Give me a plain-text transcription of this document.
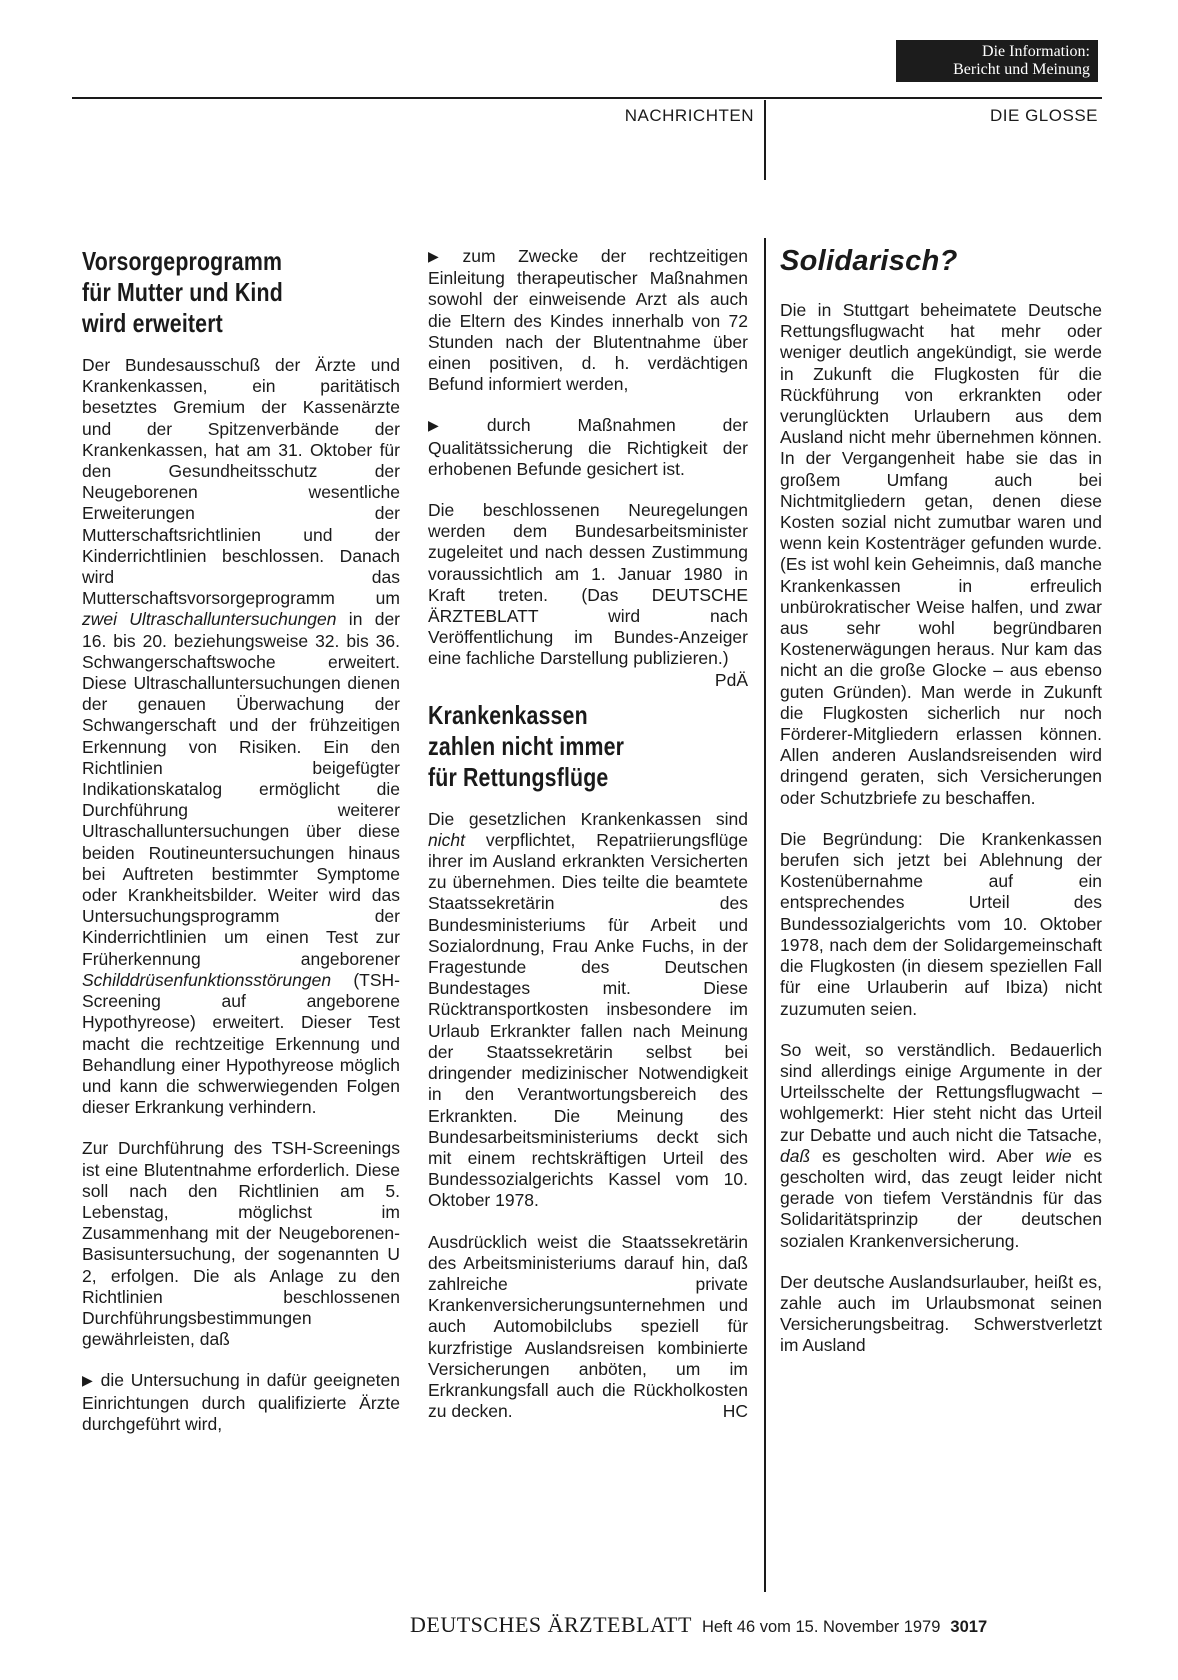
Die Information:
Bericht und Meinung
NACHRICHTEN	DIE GLOSSE
Vorsorgeprogramm
für Mutter und Kind
wird erweitert

Der Bundesausschuß der Ärzte und Krankenkassen, ein paritätisch besetztes Gremium der Kassenärzte und der Spitzenverbände der Krankenkassen, hat am 31. Oktober für den Gesundheitsschutz der Neugeborenen wesentliche Erweiterungen der Mutterschaftsrichtlinien und der Kinderrichtlinien beschlossen. Danach wird das Mutterschaftsvorsorgeprogramm um zwei Ultraschalluntersuchungen in der 16. bis 20. beziehungsweise 32. bis 36. Schwangerschaftswoche erweitert. Diese Ultraschalluntersuchungen dienen der genauen Überwachung der Schwangerschaft und der frühzeitigen Erkennung von Risiken. Ein den Richtlinien beigefügter Indikationskatalog ermöglicht die Durchführung weiterer Ultraschalluntersuchungen über diese beiden Routineuntersuchungen hinaus bei Auftreten bestimmter Symptome oder Krankheitsbilder. Weiter wird das Untersuchungsprogramm der Kinderrichtlinien um einen Test zur Früherkennung angeborener Schilddrüsenfunktionsstörungen (TSH-Screening auf angeborene Hypothyreose) erweitert. Dieser Test macht die rechtzeitige Erkennung und Behandlung einer Hypothyreose möglich und kann die schwerwiegenden Folgen dieser Erkrankung verhindern.

Zur Durchführung des TSH-Screenings ist eine Blutentnahme erforderlich. Diese soll nach den Richtlinien am 5. Lebenstag, möglichst im Zusammenhang mit der Neugeborenen-Basisuntersuchung, der sogenannten U 2, erfolgen. Die als Anlage zu den Richtlinien beschlossenen Durchführungsbestimmungen gewährleisten, daß

▶ die Untersuchung in dafür geeigneten Einrichtungen durch qualifizierte Ärzte durchgeführt wird,

▶ zum Zwecke der rechtzeitigen Einleitung therapeutischer Maßnahmen sowohl der einweisende Arzt als auch die Eltern des Kindes innerhalb von 72 Stunden nach der Blutentnahme über einen positiven, d. h. verdächtigen Befund informiert werden,

▶ durch Maßnahmen der Qualitätssicherung die Richtigkeit der erhobenen Befunde gesichert ist.

Die beschlossenen Neuregelungen werden dem Bundesarbeitsminister zugeleitet und nach dessen Zustimmung voraussichtlich am 1. Januar 1980 in Kraft treten. (Das DEUTSCHE ÄRZTEBLATT wird nach Veröffentlichung im Bundes-Anzeiger eine fachliche Darstellung publizieren.)
PdÄ

Krankenkassen
zahlen nicht immer
für Rettungsflüge

Die gesetzlichen Krankenkassen sind nicht verpflichtet, Repatriierungsflüge ihrer im Ausland erkrankten Versicherten zu übernehmen. Dies teilte die beamtete Staatssekretärin des Bundesministeriums für Arbeit und Sozialordnung, Frau Anke Fuchs, in der Fragestunde des Deutschen Bundestages mit. Diese Rücktransportkosten insbesondere im Urlaub Erkrankter fallen nach Meinung der Staatssekretärin selbst bei dringender medizinischer Notwendigkeit in den Verantwortungsbereich des Erkrankten. Die Meinung des Bundesarbeitsministeriums deckt sich mit einem rechtskräftigen Urteil des Bundessozialgerichts Kassel vom 10. Oktober 1978.

Ausdrücklich weist die Staatssekretärin des Arbeitsministeriums darauf hin, daß zahlreiche private Krankenversicherungsunternehmen und auch Automobilclubs speziell für kurzfristige Auslandsreisen kombinierte Versicherungen anböten, um im Erkrankungsfall auch die Rückholkosten zu decken.	HC

Solidarisch?

Die in Stuttgart beheimatete Deutsche Rettungsflugwacht hat mehr oder weniger deutlich angekündigt, sie werde in Zukunft die Flugkosten für die Rückführung von erkrankten oder verunglückten Urlaubern aus dem Ausland nicht mehr übernehmen können. In der Vergangenheit habe sie das in großem Umfang auch bei Nichtmitgliedern getan, denen diese Kosten sozial nicht zumutbar waren und wenn kein Kostenträger gefunden wurde. (Es ist wohl kein Geheimnis, daß manche Krankenkassen in erfreulich unbürokratischer Weise halfen, und zwar aus sehr wohl begründbaren Kostenerwägungen heraus. Nur kam das nicht an die große Glocke – aus ebenso guten Gründen). Man werde in Zukunft die Flugkosten sicherlich nur noch Förderer-Mitgliedern erlassen können. Allen anderen Auslandsreisenden wird dringend geraten, sich Versicherungen oder Schutzbriefe zu beschaffen.

Die Begründung: Die Krankenkassen berufen sich jetzt bei Ablehnung der Kostenübernahme auf ein entsprechendes Urteil des Bundessozialgerichts vom 10. Oktober 1978, nach dem der Solidargemeinschaft die Flugkosten (in diesem speziellen Fall für eine Urlauberin auf Ibiza) nicht zuzumuten seien.

So weit, so verständlich. Bedauerlich sind allerdings einige Argumente in der Urteilsschelte der Rettungsflugwacht – wohlgemerkt: Hier steht nicht das Urteil zur Debatte und auch nicht die Tatsache, daß es gescholten wird. Aber wie es gescholten wird, das zeugt leider nicht gerade von tiefem Verständnis für das Solidaritätsprinzip der deutschen sozialen Krankenversicherung.

Der deutsche Auslandsurlauber, heißt es, zahle auch im Urlaubsmonat seinen Versicherungsbeitrag. Schwerstverletzt im Ausland

DEUTSCHES ÄRZTEBLATT Heft 46 vom 15. November 1979 3017
